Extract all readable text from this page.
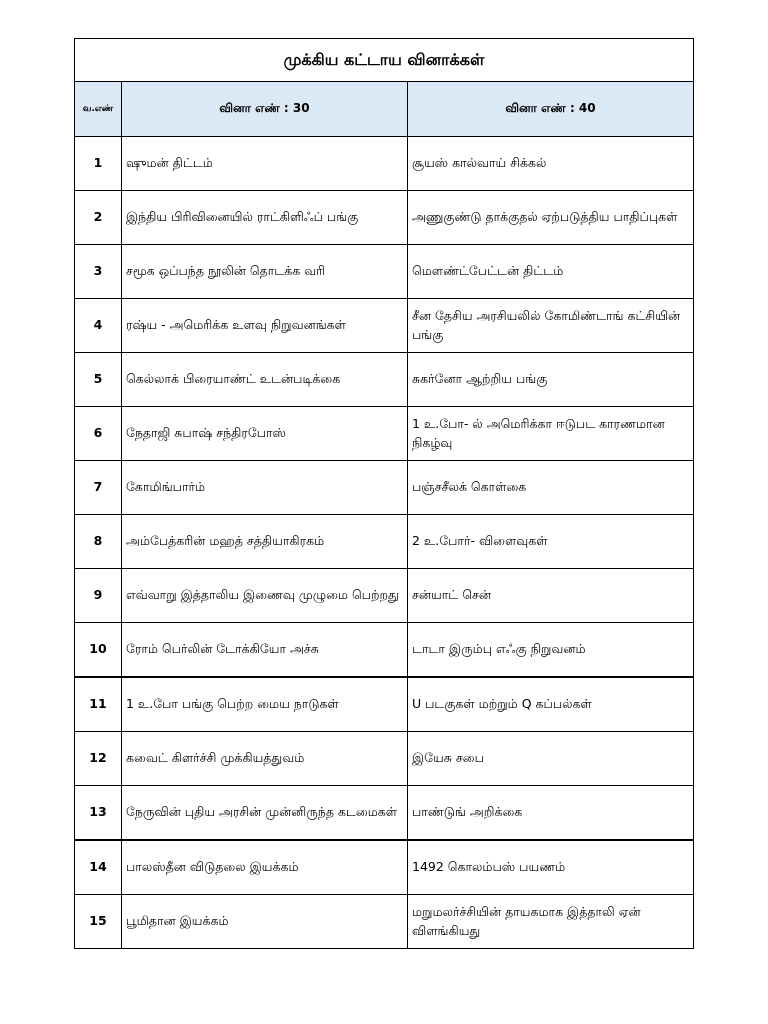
முக்கிய கட்டாய வினாக்கள்		
வ.எண்	வினா எண் : 30	வினா எண் : 40
1	ஷுமன் திட்டம்	சூயஸ் கால்வாய் சிக்கல்
2	இந்திய பிரிவினையில் ராட்கிளிஃப் பங்கு	அணுகுண்டு தாக்குதல் ஏற்படுத்திய பாதிப்புகள்
3	சமூக ஒப்பந்த நூலின் தொடக்க வரி	மௌண்ட்பேட்டன் திட்டம்
4	ரஷ்ய - அமெரிக்க உளவு நிறுவனங்கள்	சீன தேசிய அரசியலில் கோமிண்டாங் கட்சியின் பங்கு
5	கெல்லாக் பிரையாண்ட் உடன்படிக்கை	சுகர்னோ ஆற்றிய பங்கு
6	நேதாஜி சுபாஷ் சந்திரபோஸ்	1 உ.போ- ல் அமெரிக்கா ஈடுபட காரணமான நிகழ்வு
7	கோமிங்பார்ம்	பஞ்சசீலக் கொள்கை
8	அம்பேத்கரின் மஹத் சத்தியாகிரகம்	2 உ.போர்- விளைவுகள்
9	எவ்வாறு இத்தாலிய இணைவு முழுமை பெற்றது	சன்யாட் சென்
10	ரோம் பெர்லின் டோக்கியோ அச்சு	டாடா இரும்பு எஃகு நிறுவனம்
11	1 உ.போ பங்கு பெற்ற மைய நாடுகள்	U படகுகள் மற்றும் Q கப்பல்கள்
12	கவைட் கிளர்ச்சி முக்கியத்துவம்	இயேசு சபை
13	நேருவின் புதிய அரசின் முன்னிருந்த கடமைகள்	பாண்டுங் அறிக்கை
14	பாலஸ்தீன விடுதலை இயக்கம்	1492 கொலம்பஸ் பயணம்
15	பூமிதான இயக்கம்	மறுமலர்ச்சியின் தாயகமாக இத்தாலி ஏன் விளங்கியது
